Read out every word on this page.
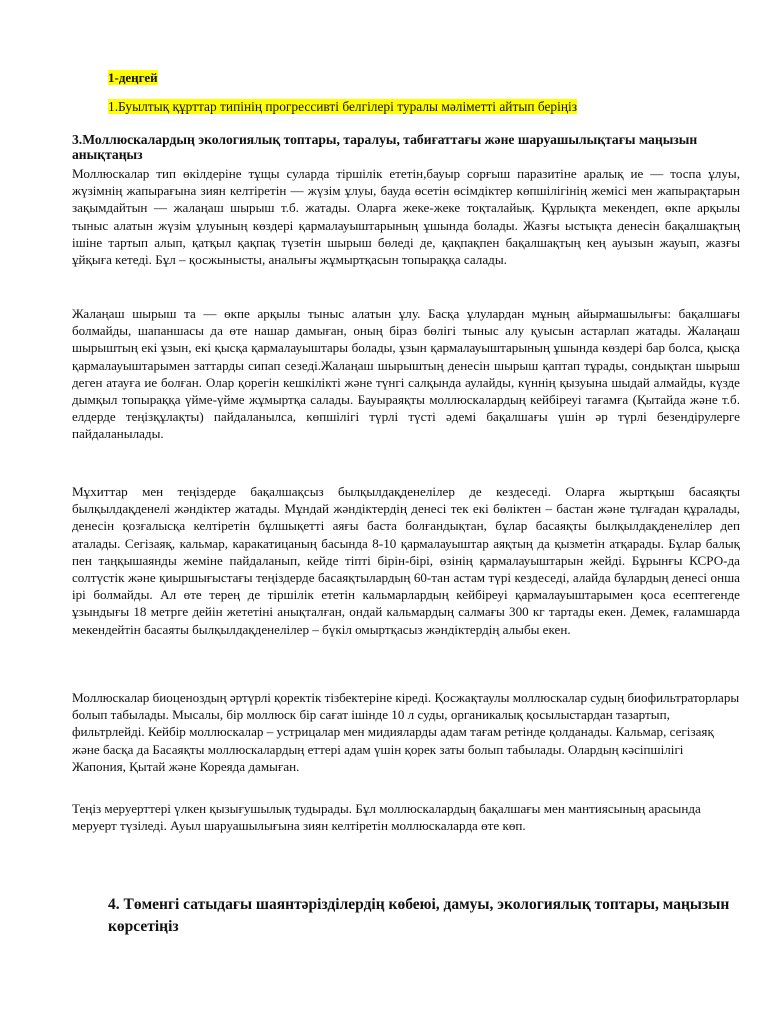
1-деңгей

1.Буылтық құрттар типінің прогрессивті белгілері туралы мәліметті айтып беріңіз

3.Моллюскалардың экологиялық топтары, таралуы, табиғаттағы және шаруашылықтағы маңызын анықтаңыз

Моллюскалар тип өкілдеріне тұщы суларда тіршілік ететін,бауыр сорғыш паразитіне аралық ие — тоспа ұлуы, жүзімнің жапырағына зиян келтіретін — жүзім ұлуы, бауда өсетін өсімдіктер көпшілігінің жемісі мен жапырақтарын зақымдайтын — жалаңаш шырыш т.б. жатады. Оларға жеке-жеке тоқталайық. Құрлықта мекендеп, өкпе арқылы тыныс алатын жүзім ұлуының көздері қармалауыштарының ұшында болады. Жазғы ыстықта денесін бақалшақтың ішіне тартып алып, қатқыл қақпақ түзетін шырыш бөледі де, қақпақпен бақалшақтың кең ауызын жауып, жазғы ұйқыға кетеді. Бұл – қосжынысты, аналығы жұмыртқасын топыраққа салады.

Жалаңаш шырыш та — өкпе арқылы тыныс алатын ұлу. Басқа ұлулардан мұның айырмашылығы: бақалшағы болмайды, шапаншасы да өте нашар дамыған, оның біраз бөлігі тыныс алу қуысын астарлап жатады. Жалаңаш шырыштың екі ұзын, екі қысқа қармалауыштары болады, ұзын қармалауыштарының ұшында көздері бар болса, қысқа қармалауыштарымен заттарды сипап сезеді.Жалаңаш шырыштың денесін шырыш қаптап тұрады, сондықтан шырыш деген атауға ие болған. Олар қорегін кешкілікті және түнгі салқында аулайды, күннің қызуына шыдай алмайды, күзде дымқыл топыраққа үйме-үйме жұмыртқа салады. Бауыраяқты моллюскалардың кейбіреуі тағамға (Қытайда және т.б. елдерде теңізқұлақты) пайдаланылса, көпшілігі түрлі түсті әдемі бақалшағы үшін әр түрлі безендірулерге пайдаланылады.

Мұхиттар мен теңіздерде бақалшақсыз былқылдақденелілер де кездеседі. Оларға жыртқыш басаяқты былқылдақденелі жәндіктер жатады. Мұндай жәндіктердің денесі тек екі бөліктен – бастан және тұлғадан құралады, денесін қозғалысқа келтіретін бұлшықетті аяғы баста болғандықтан, бұлар басаяқты былқылдақденелілер деп аталады. Сегізаяқ, кальмар, каракатицаның басында 8-10 қармалауыштар аяқтың да қызметін атқарады. Бұлар балық пен таңқышаянды жеміне пайдаланып, кейде тіпті бірін-бірі, өзінің қармалауыштарын жейді. Бұрынғы КСРО-да солтүстік және қиыршығыстағы теңіздерде басаяқтылардың 60-тан астам түрі кездеседі, алайда бұлардың денесі онша ірі болмайды. Ал өте терең де тіршілік ететін кальмарлардың кейбіреуі қармалауыштарымен қоса есептегенде ұзындығы 18 метрге дейін жететіні анықталған, ондай кальмардың салмағы 300 кг тартады екен. Демек, ғаламшарда мекендейтін басаяты былқылдақденелілер – бүкіл омыртқасыз жәндіктердің алыбы екен.

Моллюскалар биоценоздың әртүрлі қоректік тізбектеріне кіреді. Қосжақтаулы моллюскалар судың биофильтраторлары болып табылады. Мысалы, бір моллюск бір сағат ішінде 10 л суды, органикалық қосылыстардан тазартып, фильтрлейді. Кейбір моллюскалар – устрицалар мен мидияларды адам тағам ретінде қолданады. Кальмар, сегізаяқ және басқа да Басаяқты моллюскалардың еттері адам үшін қорек заты болып табылады. Олардың кәсіпшілігі Жапония, Қытай және Кореяда дамыған.

Теңіз меруерттері үлкен қызығушылық тудырады. Бұл моллюскалардың бақалшағы мен мантиясының арасында меруерт түзіледі. Ауыл шаруашылығына зиян келтіретін моллюскаларда өте көп.

4. Төменгі сатыдағы шаянтәрізділердің көбеюі, дамуы, экологиялық топтары, маңызын көрсетіңіз
